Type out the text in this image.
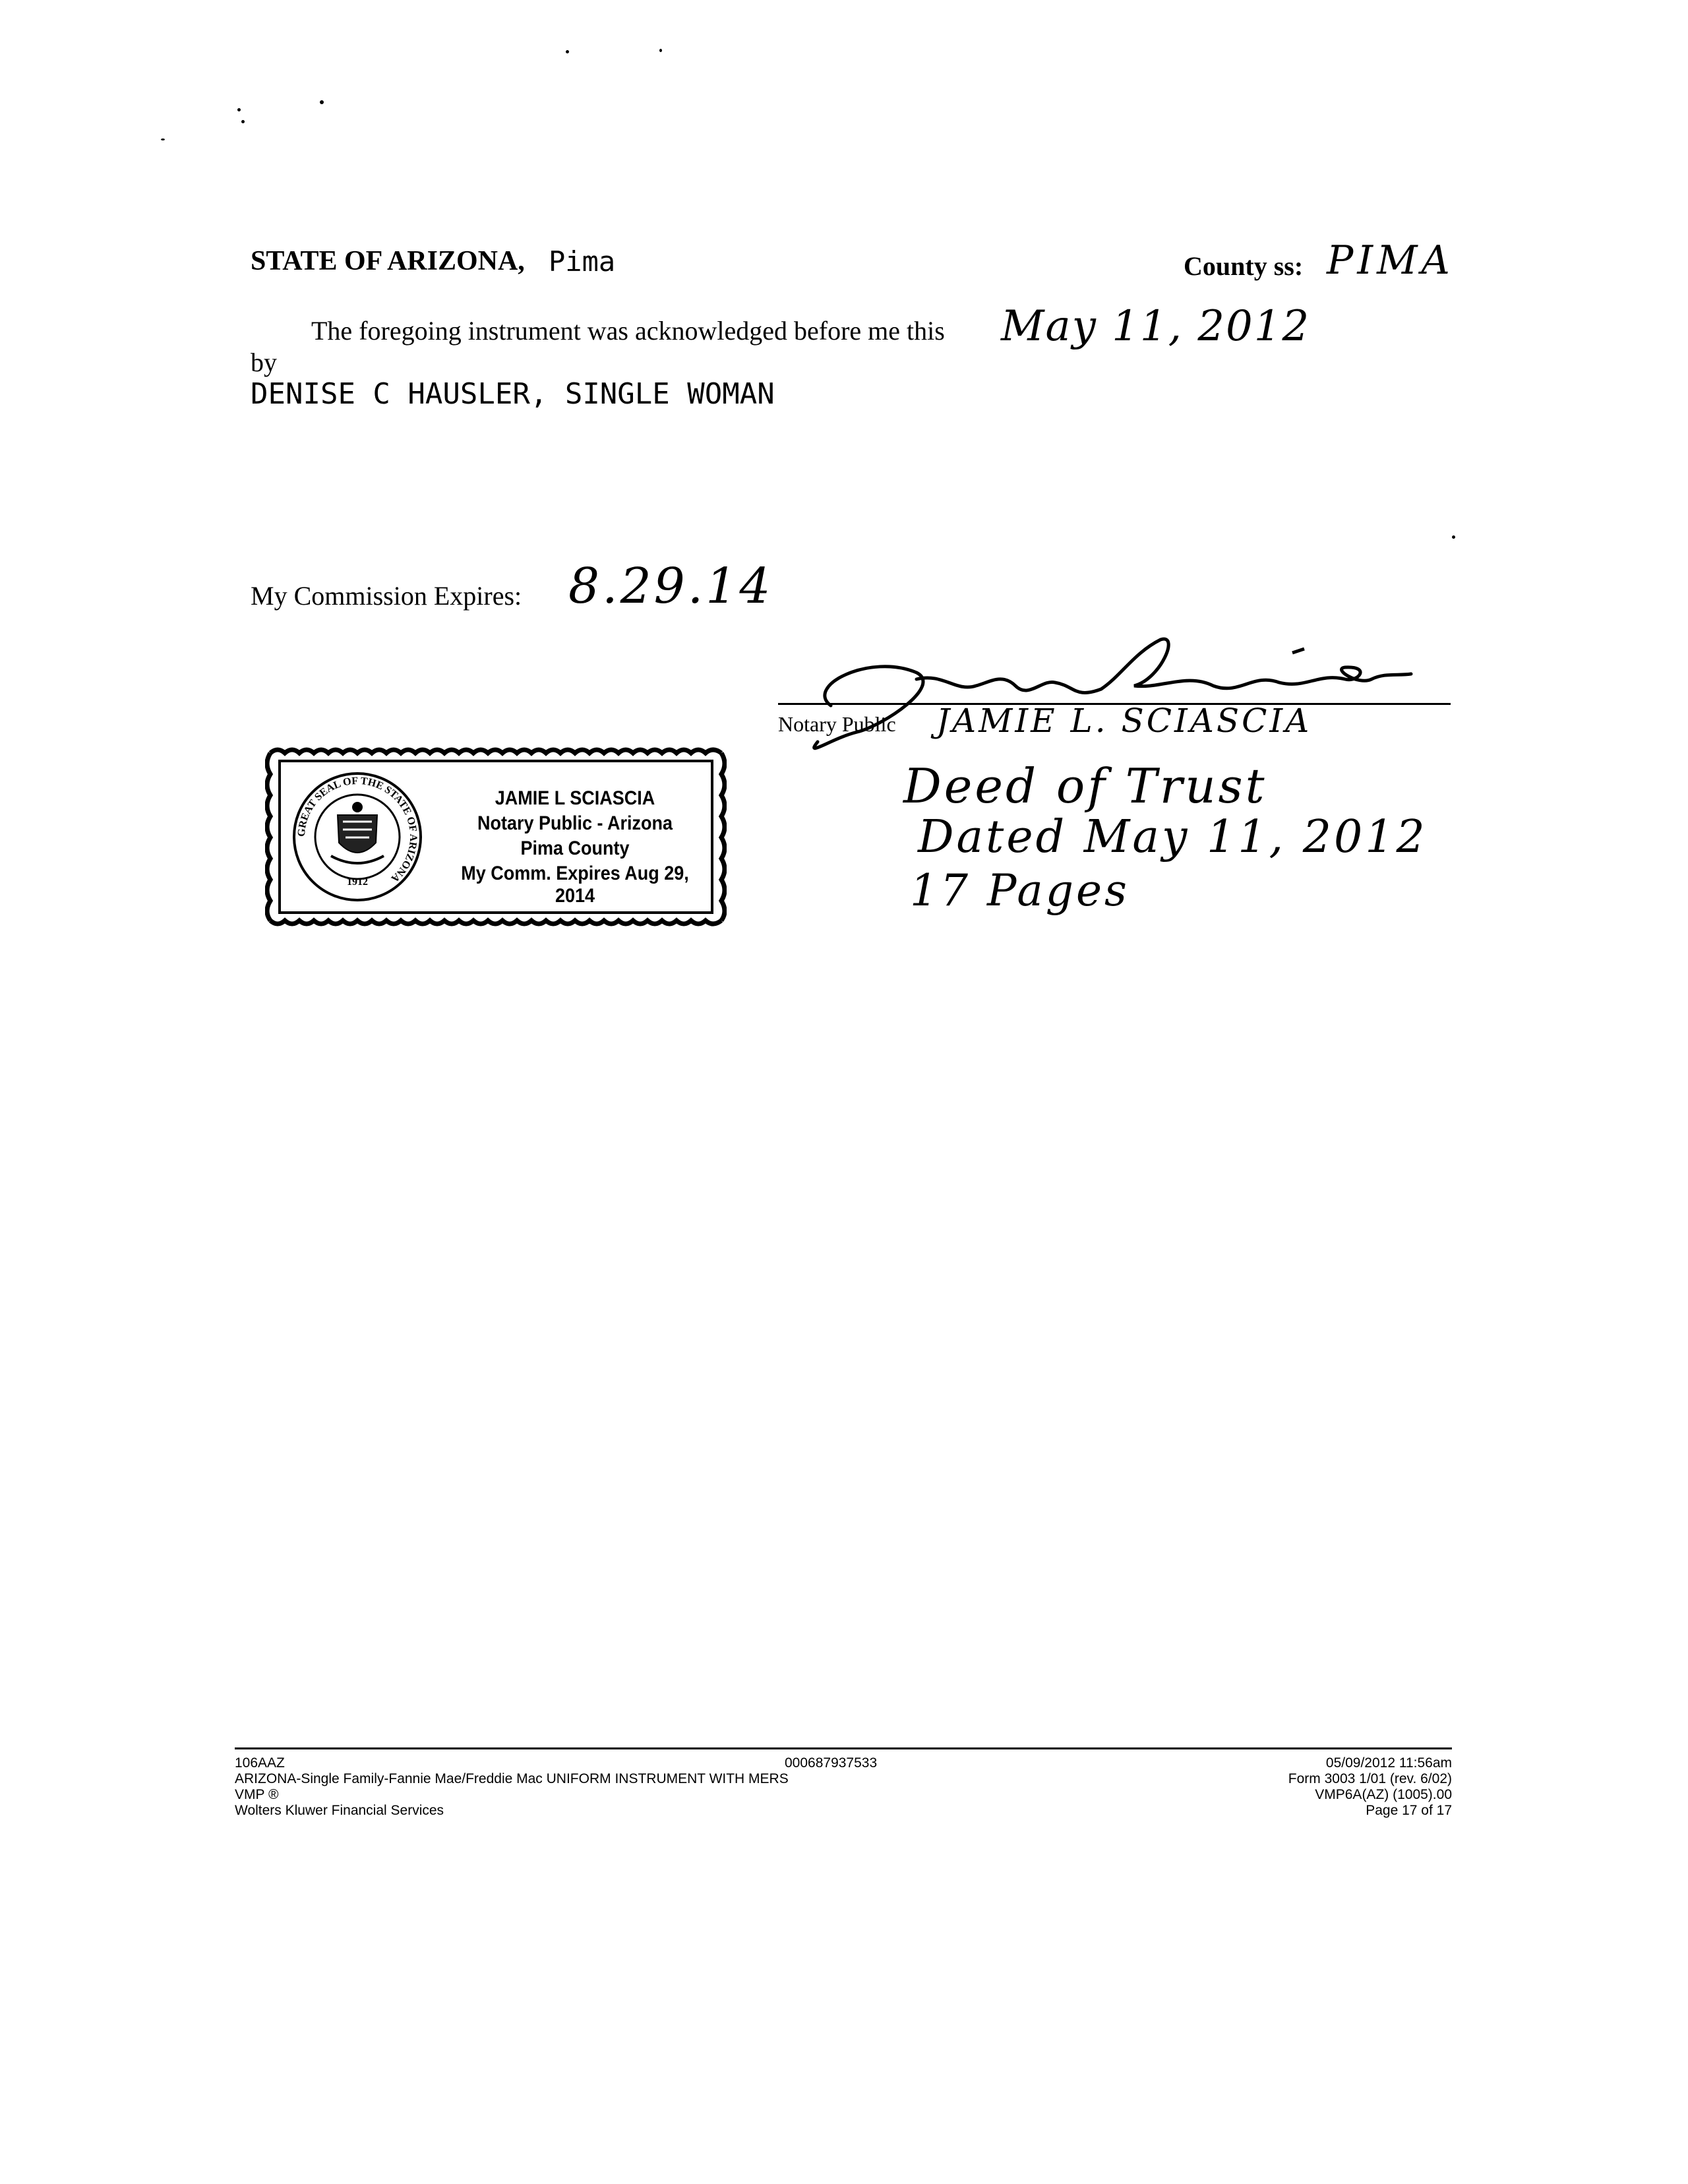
STATE OF ARIZONA, Pima	County ss: PIMA
The foregoing instrument was acknowledged before me this May 11, 2012
by
DENISE C HAUSLER, SINGLE WOMAN
My Commission Expires: 8.29.14
Notary Public JAMIE L. SCIASCIA
Deed of Trust
Dated May 11, 2012
17 Pages
GREAT SEAL OF THE STATE OF ARIZONA
1912
JAMIE L SCIASCIA
Notary Public - Arizona
Pima County
My Comm. Expires Aug 29, 2014
106AAZ
ARIZONA-Single Family-Fannie Mae/Freddie Mac UNIFORM INSTRUMENT WITH MERS
VMP ®
Wolters Kluwer Financial Services
000687937533	05/09/2012 11:56am
Form 3003 1/01 (rev. 6/02)
VMP6A(AZ) (1005).00
Page 17 of 17
